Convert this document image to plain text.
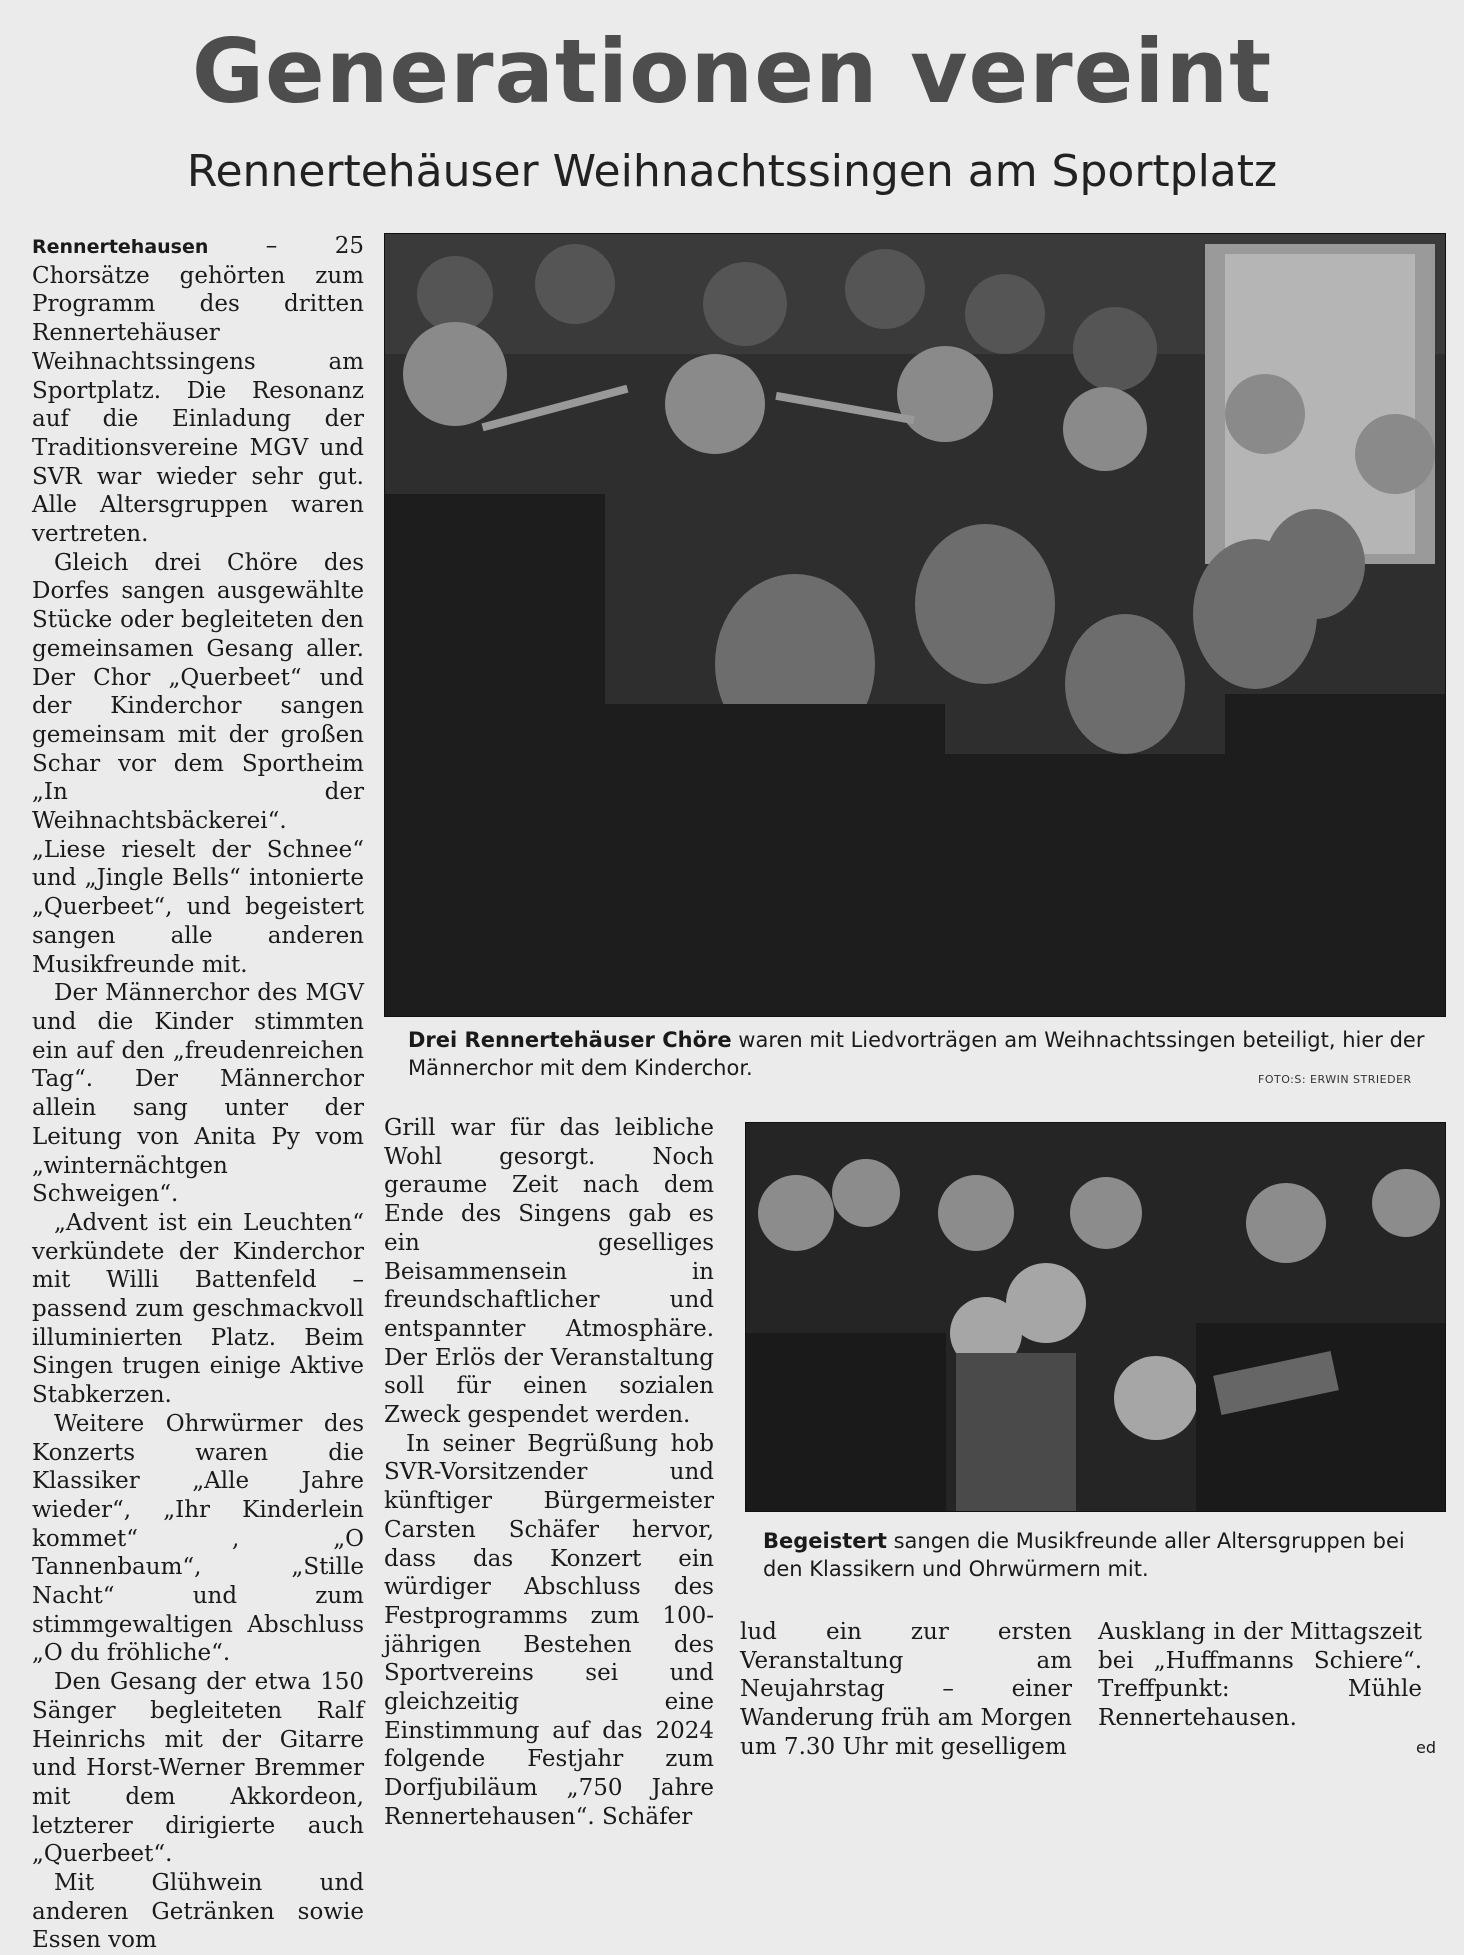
Generationen vereint
Rennertehäuser Weihnachtssingen am Sportplatz

Rennertehausen – 25 Chorsätze gehörten zum Programm des dritten Rennertehäuser Weihnachtssingens am Sportplatz. Die Resonanz auf die Einladung der Traditionsvereine MGV und SVR war wieder sehr gut. Alle Altersgruppen waren vertreten.

Gleich drei Chöre des Dorfes sangen ausgewählte Stücke oder begleiteten den gemeinsamen Gesang aller. Der Chor „Querbeet“ und der Kinderchor sangen gemeinsam mit der großen Schar vor dem Sportheim „In der Weihnachtsbäckerei“. „Liese rieselt der Schnee“ und „Jingle Bells“ intonierte „Querbeet“, und begeistert sangen alle anderen Musikfreunde mit.

Der Männerchor des MGV und die Kinder stimmten ein auf den „freudenreichen Tag“. Der Männerchor allein sang unter der Leitung von Anita Py vom „winternächtgen Schweigen“.

„Advent ist ein Leuchten“ verkündete der Kinderchor mit Willi Battenfeld – passend zum geschmackvoll illuminierten Platz. Beim Singen trugen einige Aktive Stabkerzen.

Weitere Ohrwürmer des Konzerts waren die Klassiker „Alle Jahre wieder“, „Ihr Kinderlein kommet“ , „O Tannenbaum“, „Stille Nacht“ und zum stimmgewaltigen Abschluss „O du fröhliche“.

Den Gesang der etwa 150 Sänger begleiteten Ralf Heinrichs mit der Gitarre und Horst-Werner Bremmer mit dem Akkordeon, letzterer dirigierte auch „Querbeet“.

Mit Glühwein und anderen Getränken sowie Essen vom

Drei Rennertehäuser Chöre waren mit Liedvorträgen am Weihnachtssingen beteiligt, hier der Männerchor mit dem Kinderchor.	FOTO:S: ERWIN STRIEDER

Grill war für das leibliche Wohl gesorgt. Noch geraume Zeit nach dem Ende des Singens gab es ein geselliges Beisammensein in freundschaftlicher und entspannter Atmosphäre. Der Erlös der Veranstaltung soll für einen sozialen Zweck gespendet werden.

In seiner Begrüßung hob SVR-Vorsitzender und künftiger Bürgermeister Carsten Schäfer hervor, dass das Konzert ein würdiger Abschluss des Festprogramms zum 100-jährigen Bestehen des Sportvereins sei und gleichzeitig eine Einstimmung auf das 2024 folgende Festjahr zum Dorfjubiläum „750 Jahre Rennertehausen“. Schäfer

Begeistert sangen die Musikfreunde aller Altersgruppen bei den Klassikern und Ohrwürmern mit.

lud ein zur ersten Veranstaltung am Neujahrstag – einer Wanderung früh am Morgen um 7.30 Uhr mit geselligem

Ausklang in der Mittagszeit bei „Huffmanns Schiere“. Treffpunkt: Mühle Rennertehausen.

ed
